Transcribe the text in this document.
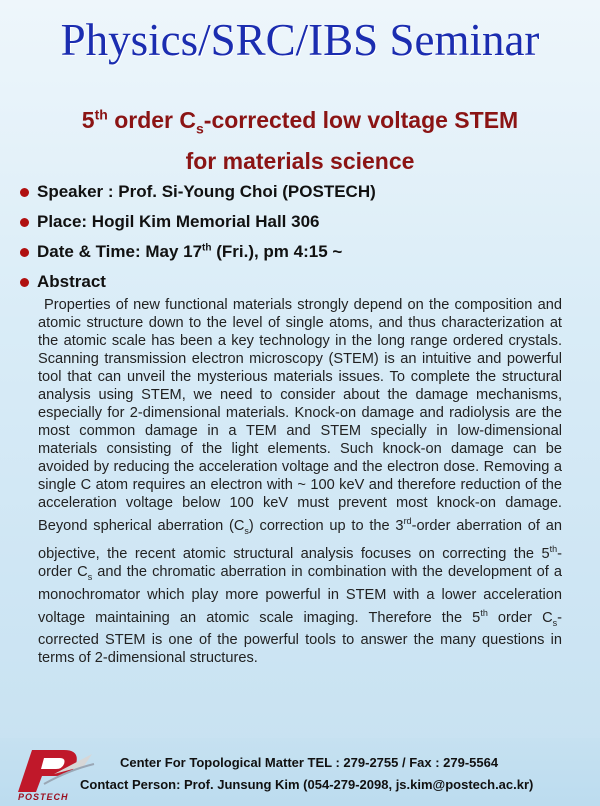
Physics/SRC/IBS Seminar
5th order $C_s$-corrected low voltage STEM
for materials science
Speaker : Prof. Si-Young Choi (POSTECH)
Place: Hogil Kim Memorial Hall 306
Date & Time: May 17th (Fri.), pm 4:15 ~
Abstract
Properties of new functional materials strongly depend on the composition and atomic structure down to the level of single atoms, and thus characterization at the atomic scale has been a key technology in the long range ordered crystals. Scanning transmission electron microscopy (STEM) is an intuitive and powerful tool that can unveil the mysterious materials issues. To complete the structural analysis using STEM, we need to consider about the damage mechanisms, especially for 2-dimensional materials. Knock-on damage and radiolysis are the most common damage in a TEM and STEM specially in low-dimensional materials consisting of the light elements. Such knock-on damage can be avoided by reducing the acceleration voltage and the electron dose. Removing a single C atom requires an electron with ~ 100 keV and therefore reduction of the acceleration voltage below 100 keV must prevent most knock-on damage. Beyond spherical aberration $(C_s)$ correction up to the 3rd-order aberration of an objective, the recent atomic structural analysis focuses on correcting the 5th-order $C_s$ and the chromatic aberration in combination with the development of a monochromator which play more powerful in STEM with a lower acceleration voltage maintaining an atomic scale imaging. Therefore the 5th order $C_s$-corrected STEM is one of the powerful tools to answer the many questions in terms of 2-dimensional structures.
POSTECH
Center For Topological Matter TEL : 279-2755 / Fax : 279-5564
Contact Person: Prof. Junsung Kim (054-279-2098, js.kim@postech.ac.kr)
